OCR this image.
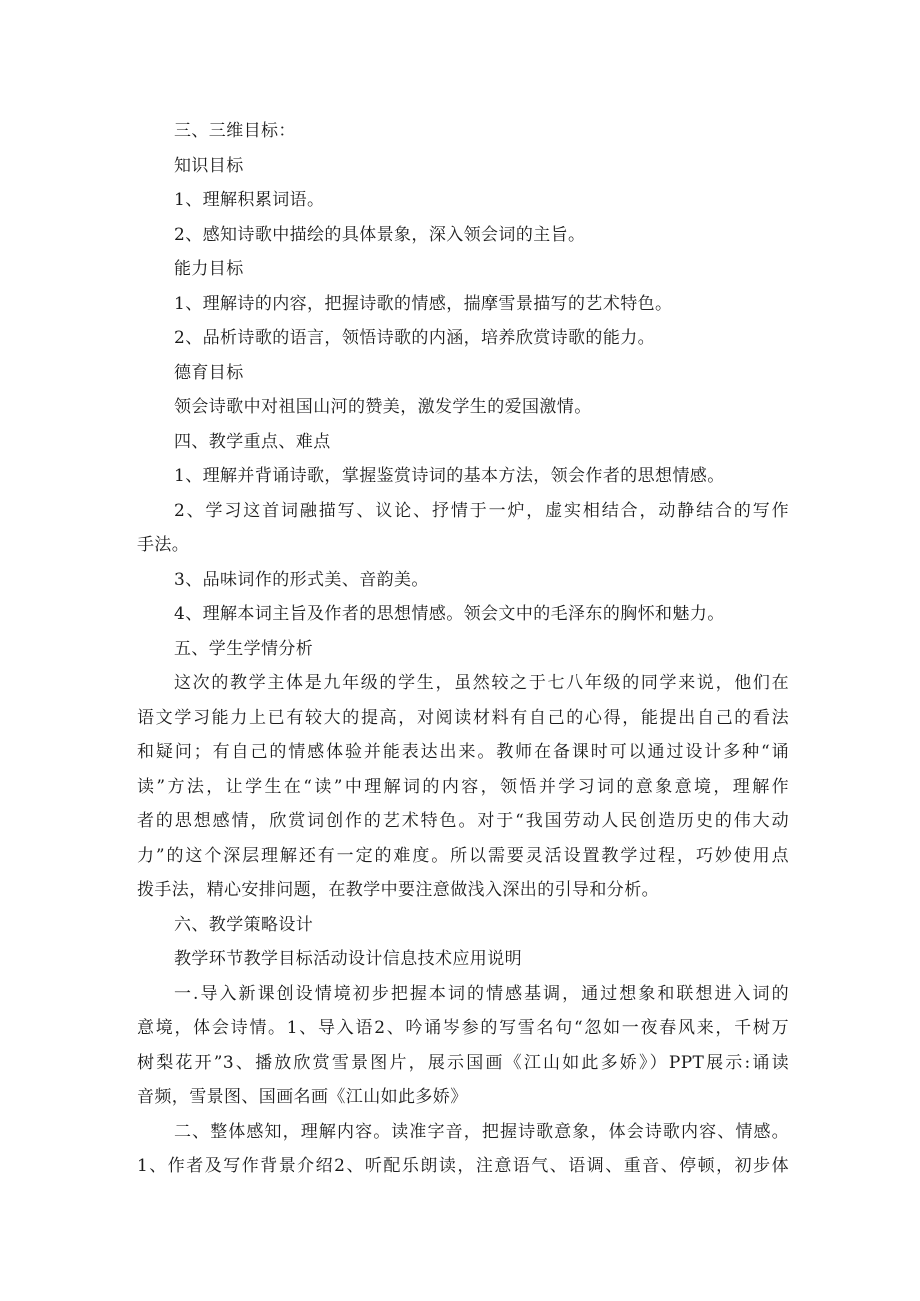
三、三维目标：
知识目标
1、理解积累词语。
2、感知诗歌中描绘的具体景象，深入领会词的主旨。
能力目标
1、理解诗的内容，把握诗歌的情感，揣摩雪景描写的艺术特色。
2、品析诗歌的语言，领悟诗歌的内涵，培养欣赏诗歌的能力。
德育目标
领会诗歌中对祖国山河的赞美，激发学生的爱国激情。
四、教学重点、难点
1、理解并背诵诗歌，掌握鉴赏诗词的基本方法，领会作者的思想情感。
2、学习这首词融描写、议论、抒情于一炉，虚实相结合，动静结合的写作
手法。
3、品味词作的形式美、音韵美。
4、理解本词主旨及作者的思想情感。领会文中的毛泽东的胸怀和魅力。
五、学生学情分析
这次的教学主体是九年级的学生，虽然较之于七八年级的同学来说，他们在
语文学习能力上已有较大的提高，对阅读材料有自己的心得，能提出自己的看法
和疑问；有自己的情感体验并能表达出来。教师在备课时可以通过设计多种“诵
读”方法，让学生在“读”中理解词的内容，领悟并学习词的意象意境，理解作
者的思想感情，欣赏词创作的艺术特色。对于“我国劳动人民创造历史的伟大动
力”的这个深层理解还有一定的难度。所以需要灵活设置教学过程，巧妙使用点
拨手法，精心安排问题，在教学中要注意做浅入深出的引导和分析。
六、教学策略设计
教学环节教学目标活动设计信息技术应用说明
一.导入新课创设情境初步把握本词的情感基调，通过想象和联想进入词的
意境，体会诗情。1、导入语2、吟诵岑参的写雪名句“忽如一夜春风来，千树万
树梨花开”3、播放欣赏雪景图片，展示国画《江山如此多娇》）PPT展示:诵读
音频，雪景图、国画名画《江山如此多娇》
二、整体感知，理解内容。读准字音，把握诗歌意象，体会诗歌内容、情感。
1、作者及写作背景介绍2、听配乐朗读，注意语气、语调、重音、停顿，初步体
